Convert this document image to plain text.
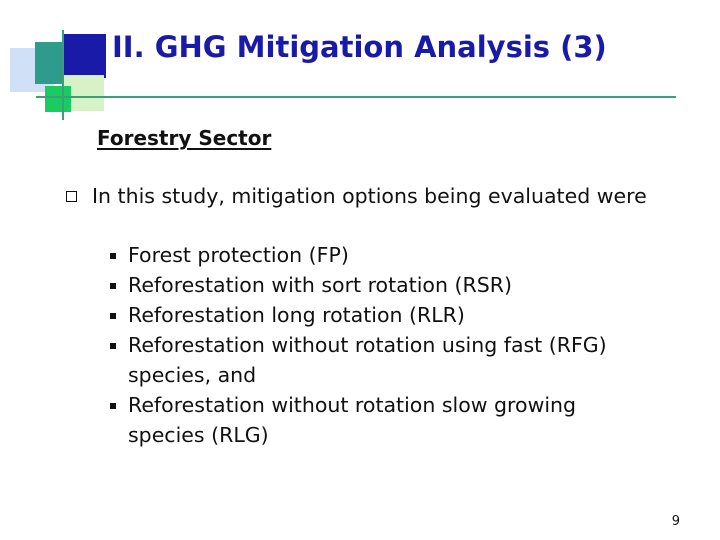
II. GHG Mitigation Analysis (3)
Forestry Sector

In this study, mitigation options being evaluated were

Forest protection (FP)
Reforestation with sort rotation (RSR)
Reforestation long rotation (RLR)
Reforestation without rotation using fast (RFG) species, and
Reforestation without rotation slow growing species (RLG)

9
